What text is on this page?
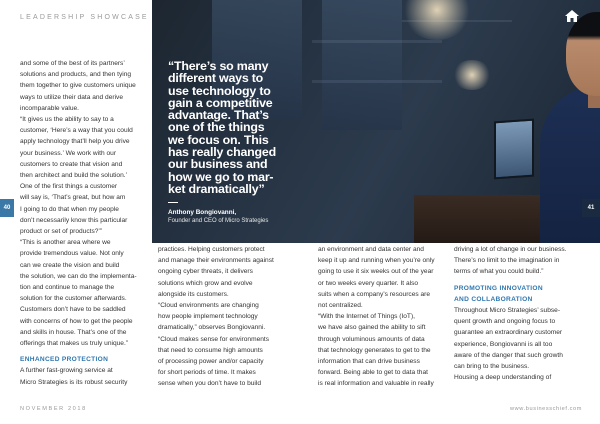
LEADERSHIP SHOWCASE
“There’s so many
different ways to
use technology to
gain a competitive
advantage. That’s
one of the things
we focus on. This
has really changed
our business and
how we go to mar-
ket dramatically”
Anthony Bongiovanni,
Founder and CEO of Micro Strategies
40	41

and some of the best of its partners’

solutions and products, and then tying

them together to give customers unique

ways to utilize their data and derive

incomparable value.

“It gives us the ability to say to a

customer, ‘Here’s a way that you could

apply technology that’ll help you drive

your business.’ We work with our

customers to create that vision and

then architect and build the solution.’

One of the first things a customer

will say is, ‘That’s great, but how am

I going to do that when my people

don’t necessarily know this particular

product or set of products?’”

“This is another area where we

provide tremendous value. Not only

can we create the vision and build

the solution, we can do the implementa-

tion and continue to manage the

solution for the customer afterwards.

Customers don’t have to be saddled

with concerns of how to get the people

and skills in house. That’s one of the

offerings that makes us truly unique.”

ENHANCED PROTECTION

A further fast-growing service at

Micro Strategies is its robust security

practices. Helping customers protect

and manage their environments against

ongoing cyber threats, it delivers

solutions which grow and evolve

alongside its customers.

“Cloud environments are changing

how people implement technology

dramatically,” observes Bongiovanni.

“Cloud makes sense for environments

that need to consume high amounts

of processing power and/or capacity

for short periods of time. It makes

sense when you don’t have to build

an environment and data center and

keep it up and running when you’re only

going to use it six weeks out of the year

or two weeks every quarter. It also

suits when a company’s resources are

not centralized.

“With the Internet of Things (IoT),

we have also gained the ability to sift

through voluminous amounts of data

that technology generates to get to the

information that can drive business

forward. Being able to get to data that

is real information and valuable in really

driving a lot of change in our business.

There’s no limit to the imagination in

terms of what you could build.”

PROMOTING INNOVATION

AND COLLABORATION

Throughout Micro Strategies’ subse-

quent growth and ongoing focus to

guarantee an extraordinary customer

experience, Bongiovanni is all too

aware of the danger that such growth

can bring to the business.

Housing a deep understanding of

NOVEMBER 2018	www.businesschief.com
